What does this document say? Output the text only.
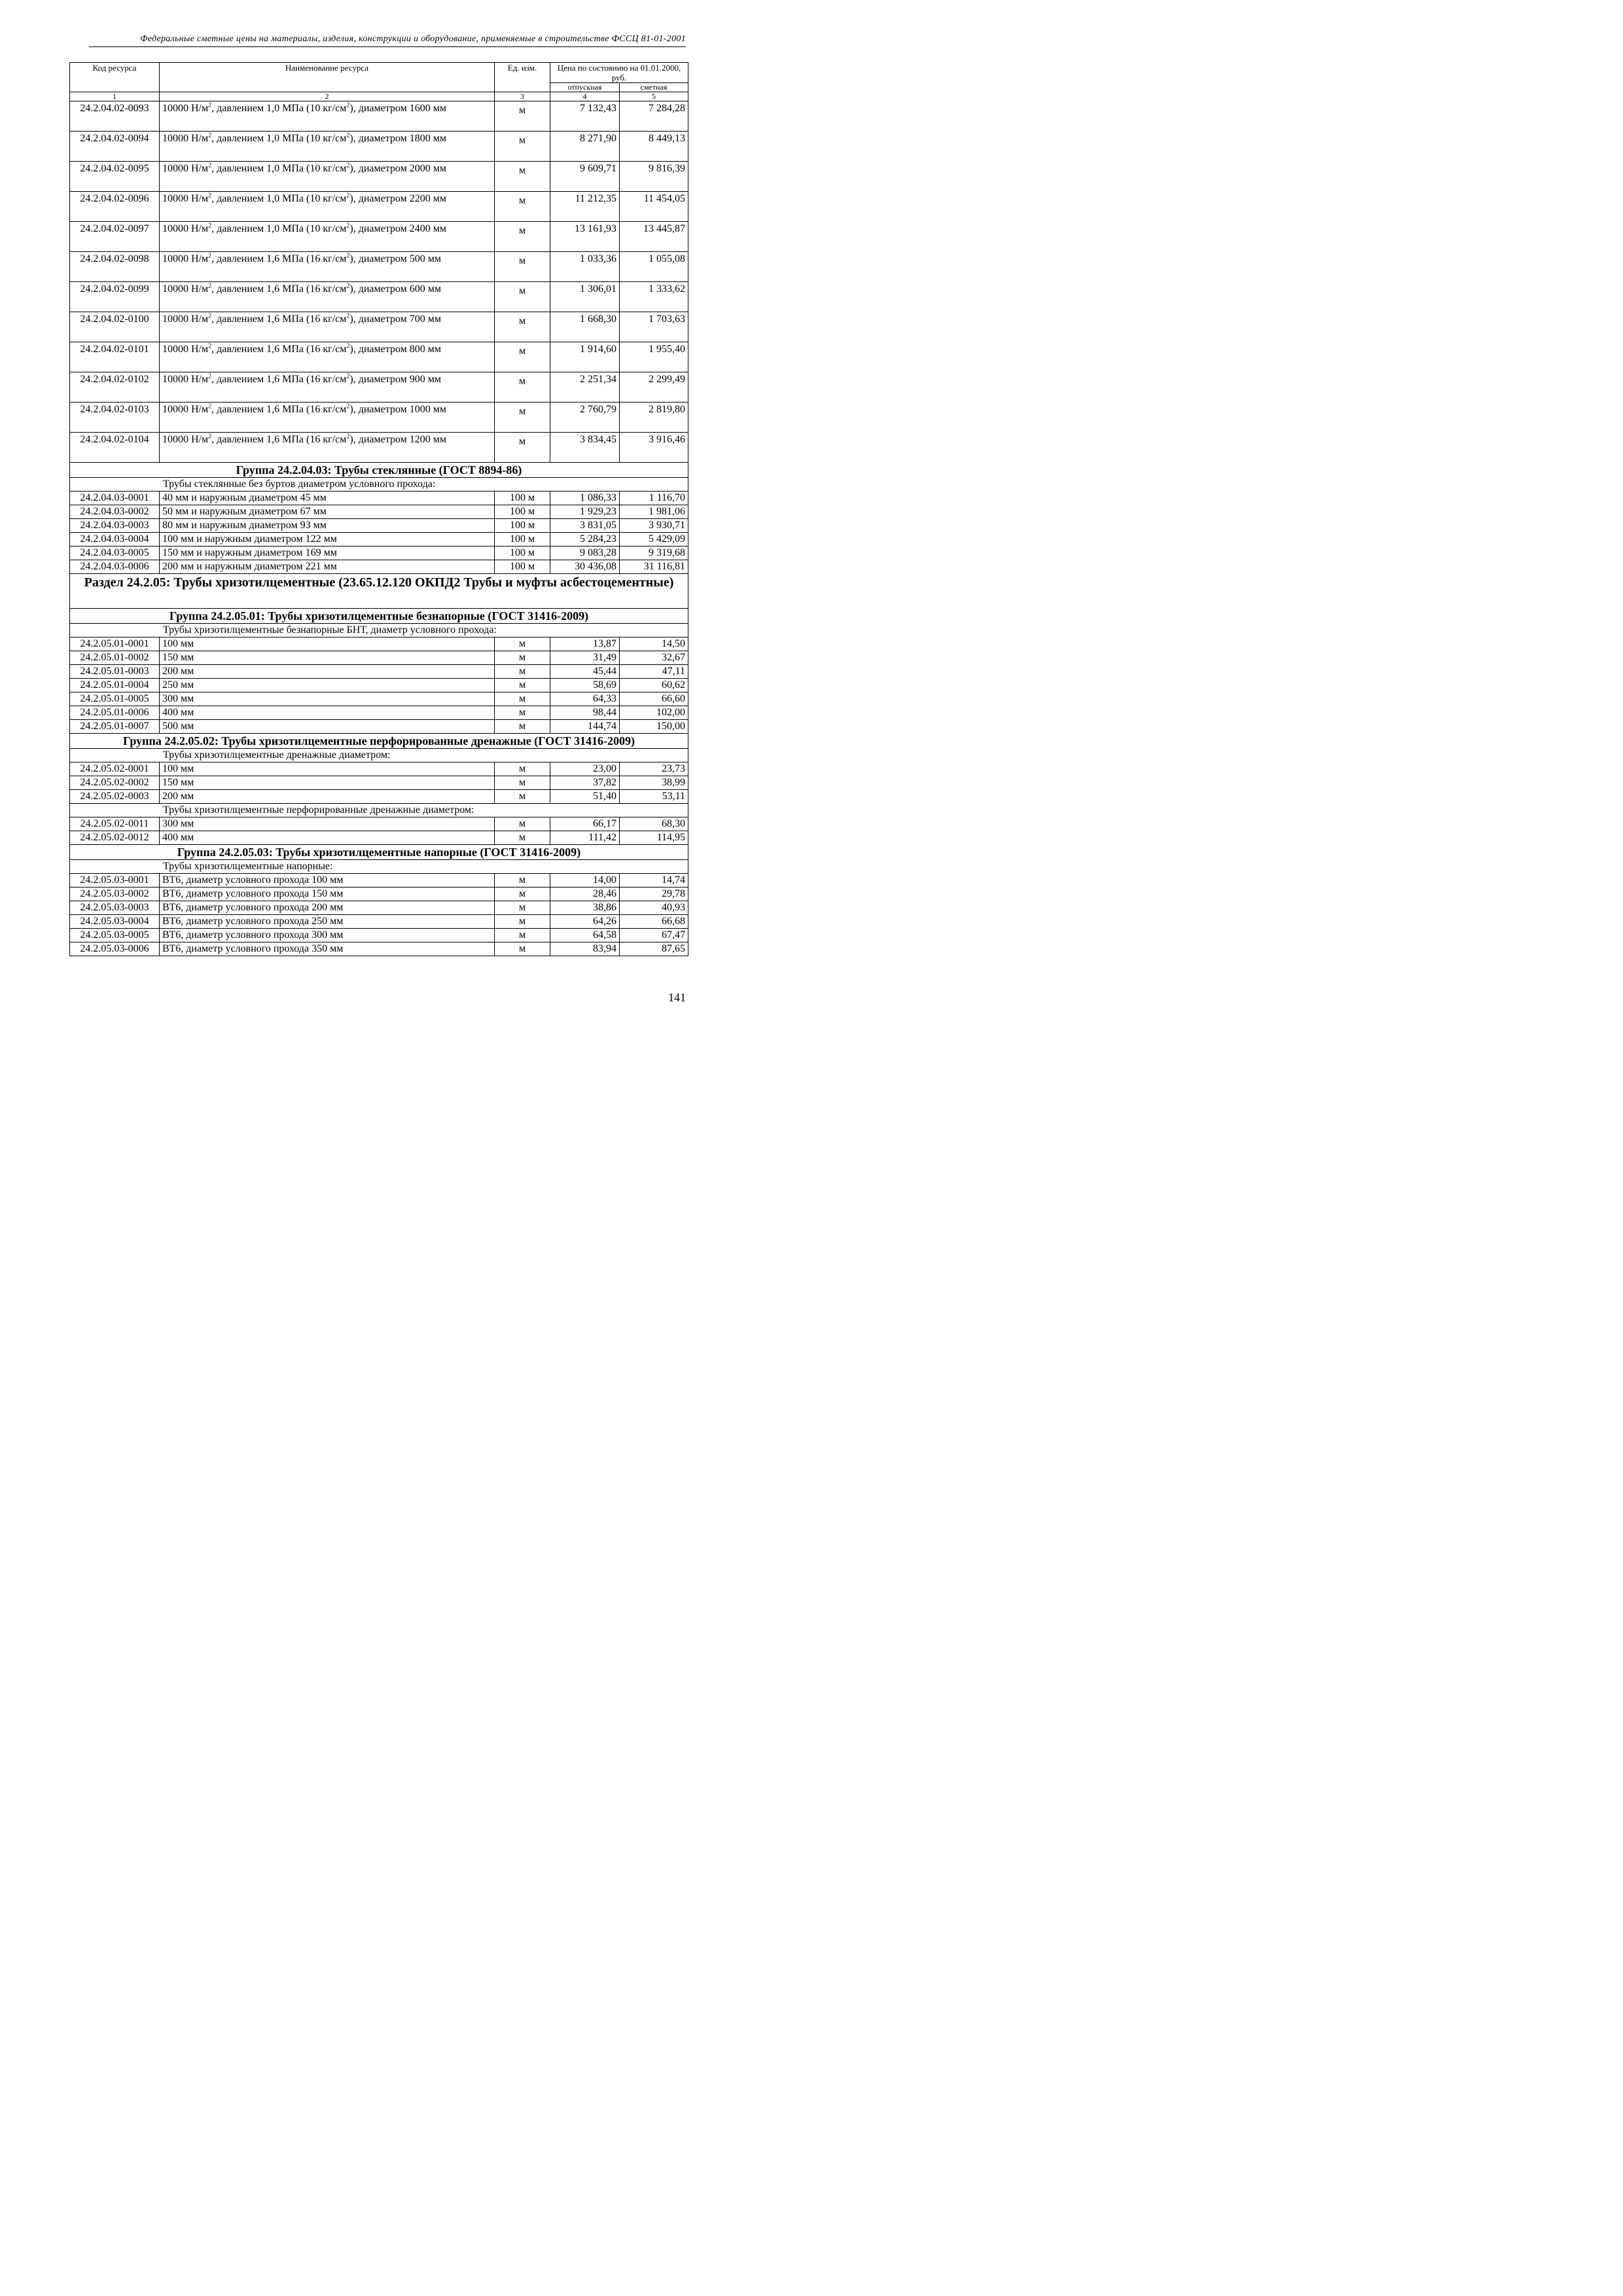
Федеральные сметные цены на материалы, изделия, конструкции и оборудование, применяемые в строительстве ФССЦ 81-01-2001
Код ресурса	Наименование ресурса	Ед. изм.	Цена по состоянию на 01.01.2000, руб.	
			отпускная	сметная
1	2	3	4	5
24.2.04.02-0093	10000 $Н/м^2$, давлением 1,0 МПа (10 $кг/см^2$), диаметром 1600 мм	м	7 132,43	7 284,28
24.2.04.02-0094	10000 $Н/м^2$, давлением 1,0 МПа (10 $кг/см^2$), диаметром 1800 мм	м	8 271,90	8 449,13
24.2.04.02-0095	10000 $Н/м^2$, давлением 1,0 МПа (10 $кг/см^2$), диаметром 2000 мм	м	9 609,71	9 816,39
24.2.04.02-0096	10000 $Н/м^2$, давлением 1,0 МПа (10 $кг/см^2$), диаметром 2200 мм	м	11 212,35	11 454,05
24.2.04.02-0097	10000 $Н/м^2$, давлением 1,0 МПа (10 $кг/см^2$), диаметром 2400 мм	м	13 161,93	13 445,87
24.2.04.02-0098	10000 $Н/м^2$, давлением 1,6 МПа (16 $кг/см^2$), диаметром 500 мм	м	1 033,36	1 055,08
24.2.04.02-0099	10000 $Н/м^2$, давлением 1,6 МПа (16 $кг/см^2$), диаметром 600 мм	м	1 306,01	1 333,62
24.2.04.02-0100	10000 $Н/м^2$, давлением 1,6 МПа (16 $кг/см^2$), диаметром 700 мм	м	1 668,30	1 703,63
24.2.04.02-0101	10000 $Н/м^2$, давлением 1,6 МПа (16 $кг/см^2$), диаметром 800 мм	м	1 914,60	1 955,40
24.2.04.02-0102	10000 $Н/м^2$, давлением 1,6 МПа (16 $кг/см^2$), диаметром 900 мм	м	2 251,34	2 299,49
24.2.04.02-0103	10000 $Н/м^2$, давлением 1,6 МПа (16 $кг/см^2$), диаметром 1000 мм	м	2 760,79	2 819,80
24.2.04.02-0104	10000 $Н/м^2$, давлением 1,6 МПа (16 $кг/см^2$), диаметром 1200 мм	м	3 834,45	3 916,46
Группа 24.2.04.03: Трубы стеклянные (ГОСТ 8894-86)				
Трубы стеклянные без буртов диаметром условного прохода:				
24.2.04.03-0001	40 мм и наружным диаметром 45 мм	100 м	1 086,33	1 116,70
24.2.04.03-0002	50 мм и наружным диаметром 67 мм	100 м	1 929,23	1 981,06
24.2.04.03-0003	80 мм и наружным диаметром 93 мм	100 м	3 831,05	3 930,71
24.2.04.03-0004	100 мм и наружным диаметром 122 мм	100 м	5 284,23	5 429,09
24.2.04.03-0005	150 мм и наружным диаметром 169 мм	100 м	9 083,28	9 319,68
24.2.04.03-0006	200 мм и наружным диаметром 221 мм	100 м	30 436,08	31 116,81
Раздел 24.2.05: Трубы хризотилцементные (23.65.12.120 ОКПД2 Трубы и муфты асбестоцементные)				
Группа 24.2.05.01: Трубы хризотилцементные безнапорные (ГОСТ 31416-2009)				
Трубы хризотилцементные безнапорные БНТ, диаметр условного прохода:				
24.2.05.01-0001	100 мм	м	13,87	14,50
24.2.05.01-0002	150 мм	м	31,49	32,67
24.2.05.01-0003	200 мм	м	45,44	47,11
24.2.05.01-0004	250 мм	м	58,69	60,62
24.2.05.01-0005	300 мм	м	64,33	66,60
24.2.05.01-0006	400 мм	м	98,44	102,00
24.2.05.01-0007	500 мм	м	144,74	150,00
Группа 24.2.05.02: Трубы хризотилцементные перфорированные дренажные (ГОСТ 31416-2009)				
Трубы хризотилцементные дренажные диаметром:				
24.2.05.02-0001	100 мм	м	23,00	23,73
24.2.05.02-0002	150 мм	м	37,82	38,99
24.2.05.02-0003	200 мм	м	51,40	53,11
Трубы хризотилцементные перфорированные дренажные диаметром:				
24.2.05.02-0011	300 мм	м	66,17	68,30
24.2.05.02-0012	400 мм	м	111,42	114,95
Группа 24.2.05.03: Трубы хризотилцементные напорные (ГОСТ 31416-2009)				
Трубы хризотилцементные напорные:				
24.2.05.03-0001	ВТ6, диаметр условного прохода 100 мм	м	14,00	14,74
24.2.05.03-0002	ВТ6, диаметр условного прохода 150 мм	м	28,46	29,78
24.2.05.03-0003	ВТ6, диаметр условного прохода 200 мм	м	38,86	40,93
24.2.05.03-0004	ВТ6, диаметр условного прохода 250 мм	м	64,26	66,68
24.2.05.03-0005	ВТ6, диаметр условного прохода 300 мм	м	64,58	67,47
24.2.05.03-0006	ВТ6, диаметр условного прохода 350 мм	м	83,94	87,65
141
